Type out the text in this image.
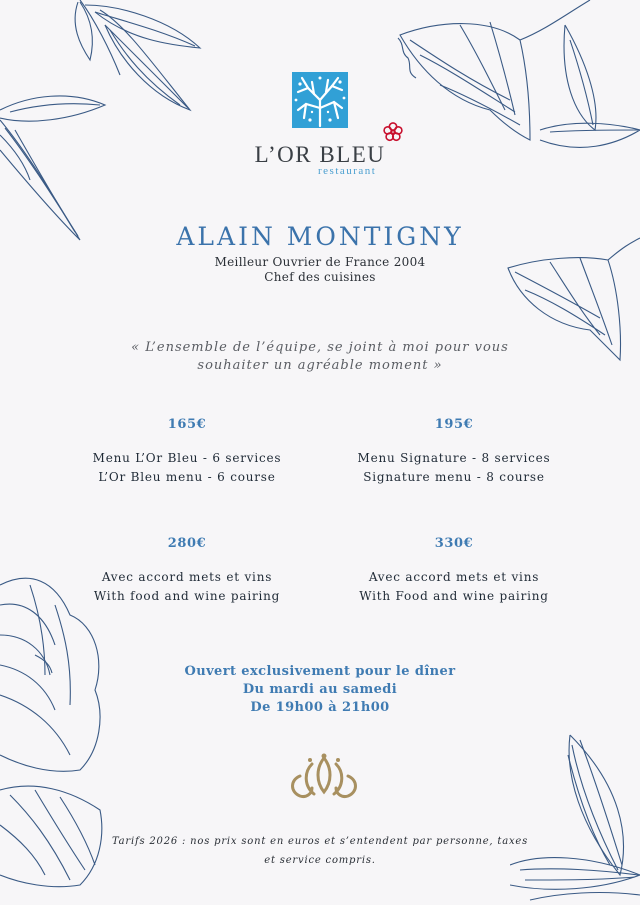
L’OR BLEU
restaurant
ALAIN MONTIGNY
Meilleur Ouvrier de France 2004
Chef des cuisines
« L’ensemble de l’équipe, se joint à moi pour vous souhaiter un agréable moment »
165€
Menu L’Or Bleu - 6 services
L’Or Bleu menu - 6 course
195€
Menu Signature - 8 services
Signature menu - 8 course
280€
Avec accord mets et vins
With food and wine pairing
330€
Avec accord mets et vins
With Food and wine pairing
Ouvert exclusivement pour le dîner
Du mardi au samedi
De 19h00 à 21h00
Tarifs 2026 : nos prix sont en euros et s’entendent par personne, taxes et service compris.
